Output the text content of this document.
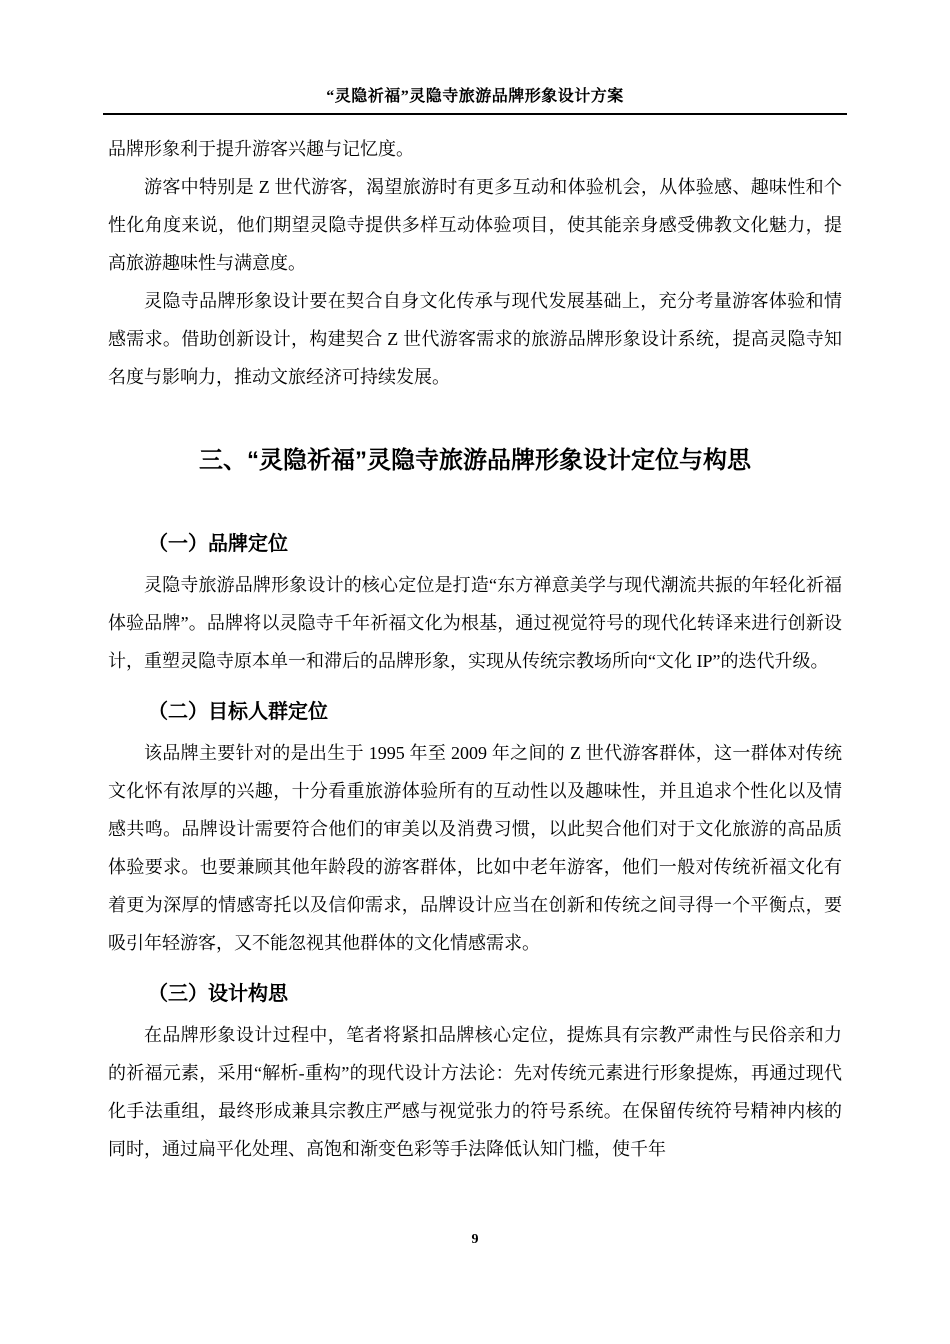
“灵隐祈福”灵隐寺旅游品牌形象设计方案

品牌形象利于提升游客兴趣与记忆度。

游客中特别是 Z 世代游客，渴望旅游时有更多互动和体验机会，从体验感、趣味性和个性化角度来说，他们期望灵隐寺提供多样互动体验项目，使其能亲身感受佛教文化魅力，提高旅游趣味性与满意度。

灵隐寺品牌形象设计要在契合自身文化传承与现代发展基础上，充分考量游客体验和情感需求。借助创新设计，构建契合 Z 世代游客需求的旅游品牌形象设计系统，提高灵隐寺知名度与影响力，推动文旅经济可持续发展。

三、“灵隐祈福”灵隐寺旅游品牌形象设计定位与构思
（一）品牌定位

灵隐寺旅游品牌形象设计的核心定位是打造“东方禅意美学与现代潮流共振的年轻化祈福体验品牌”。品牌将以灵隐寺千年祈福文化为根基，通过视觉符号的现代化转译来进行创新设计，重塑灵隐寺原本单一和滞后的品牌形象，实现从传统宗教场所向“文化 IP”的迭代升级。

（二）目标人群定位

该品牌主要针对的是出生于 1995 年至 2009 年之间的 Z 世代游客群体，这一群体对传统文化怀有浓厚的兴趣，十分看重旅游体验所有的互动性以及趣味性，并且追求个性化以及情感共鸣。品牌设计需要符合他们的审美以及消费习惯，以此契合他们对于文化旅游的高品质体验要求。也要兼顾其他年龄段的游客群体，比如中老年游客，他们一般对传统祈福文化有着更为深厚的情感寄托以及信仰需求，品牌设计应当在创新和传统之间寻得一个平衡点，要吸引年轻游客，又不能忽视其他群体的文化情感需求。

（三）设计构思

在品牌形象设计过程中，笔者将紧扣品牌核心定位，提炼具有宗教严肃性与民俗亲和力的祈福元素，采用“解析-重构”的现代设计方法论：先对传统元素进行形象提炼，再通过现代化手法重组，最终形成兼具宗教庄严感与视觉张力的符号系统。在保留传统符号精神内核的同时，通过扁平化处理、高饱和渐变色彩等手法降低认知门槛，使千年

9
